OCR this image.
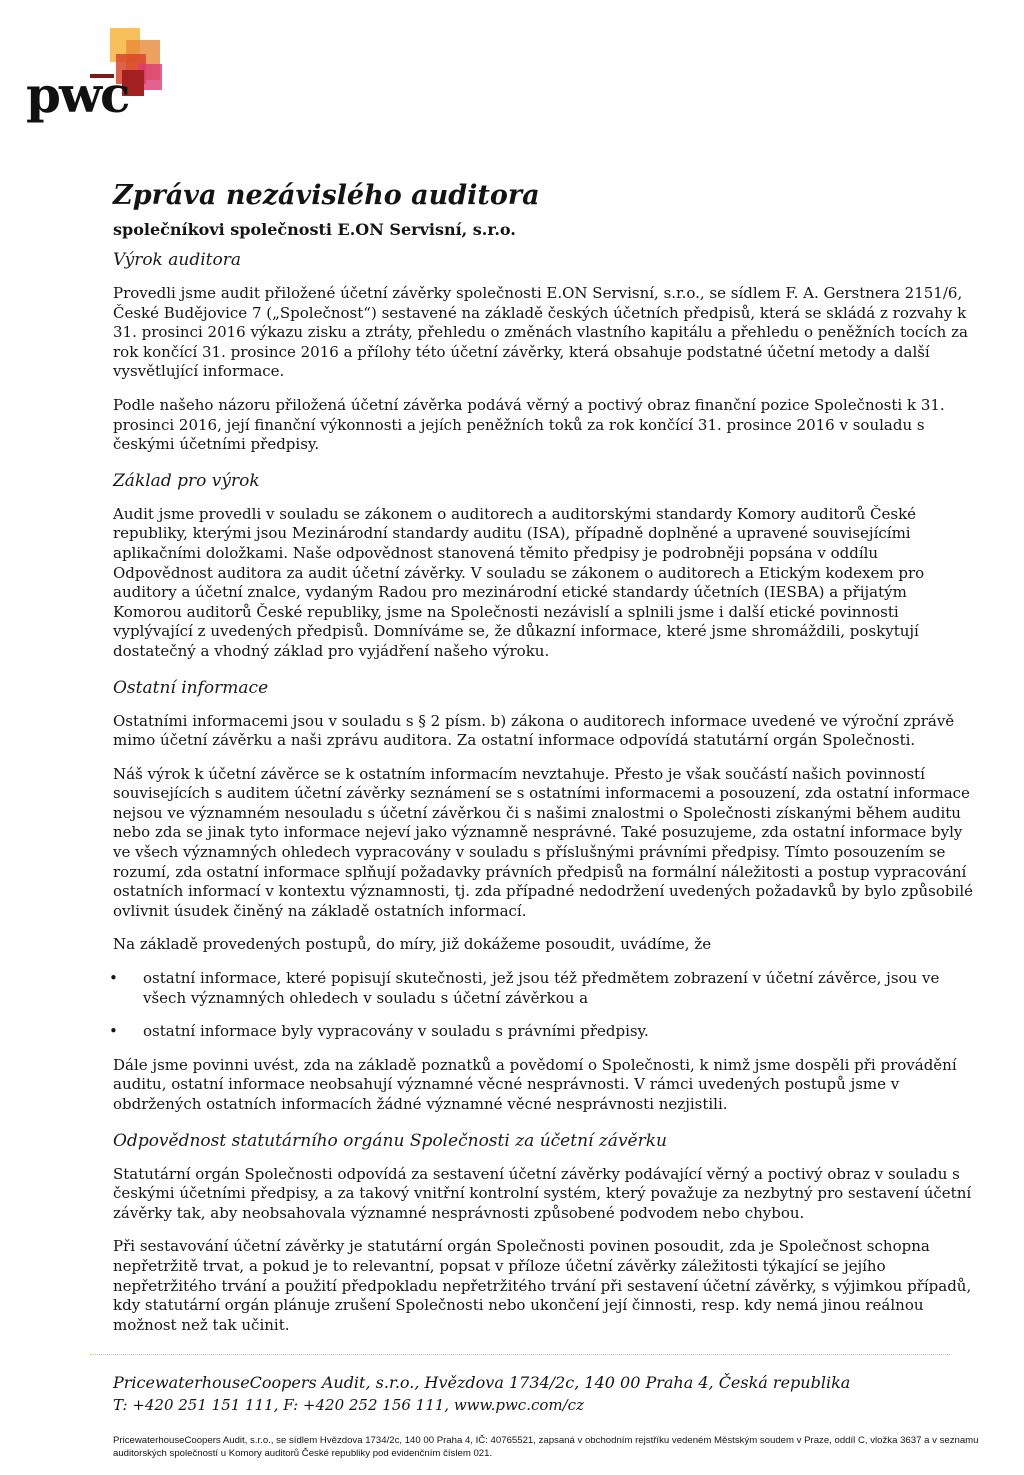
pwc
Zpráva nezávislého auditora
společníkovi společnosti E.ON Servisní, s.r.o.
Výrok auditora

Provedli jsme audit přiložené účetní závěrky společnosti E.ON Servisní, s.r.o., se sídlem F. A. Gerstnera 2151/6, České Budějovice 7 („Společnost“) sestavené na základě českých účetních předpisů, která se skládá z rozvahy k 31. prosinci 2016 výkazu zisku a ztráty, přehledu o změnách vlastního kapitálu a přehledu o peněžních tocích za rok končící 31. prosince 2016 a přílohy této účetní závěrky, která obsahuje podstatné účetní metody a další vysvětlující informace.

Podle našeho názoru přiložená účetní závěrka podává věrný a poctivý obraz finanční pozice Společnosti k 31. prosinci 2016, její finanční výkonnosti a jejích peněžních toků za rok končící 31. prosince 2016 v souladu s českými účetními předpisy.

Základ pro výrok

Audit jsme provedli v souladu se zákonem o auditorech a auditorskými standardy Komory auditorů České republiky, kterými jsou Mezinárodní standardy auditu (ISA), případně doplněné a upravené souvisejícími aplikačními doložkami. Naše odpovědnost stanovená těmito předpisy je podrobněji popsána v oddílu Odpovědnost auditora za audit účetní závěrky. V souladu se zákonem o auditorech a Etickým kodexem pro auditory a účetní znalce, vydaným Radou pro mezinárodní etické standardy účetních (IESBA) a přijatým Komorou auditorů České republiky, jsme na Společnosti nezávislí a splnili jsme i další etické povinnosti vyplývající z uvedených předpisů. Domníváme se, že důkazní informace, které jsme shromáždili, poskytují dostatečný a vhodný základ pro vyjádření našeho výroku.

Ostatní informace

Ostatními informacemi jsou v souladu s § 2 písm. b) zákona o auditorech informace uvedené ve výroční zprávě mimo účetní závěrku a naši zprávu auditora. Za ostatní informace odpovídá statutární orgán Společnosti.

Náš výrok k účetní závěrce se k ostatním informacím nevztahuje. Přesto je však součástí našich povinností souvisejících s auditem účetní závěrky seznámení se s ostatními informacemi a posouzení, zda ostatní informace nejsou ve významném nesouladu s účetní závěrkou či s našimi znalostmi o Společnosti získanými během auditu nebo zda se jinak tyto informace nejeví jako významně nesprávné. Také posuzujeme, zda ostatní informace byly ve všech významných ohledech vypracovány v souladu s příslušnými právními předpisy. Tímto posouzením se rozumí, zda ostatní informace splňují požadavky právních předpisů na formální náležitosti a postup vypracování ostatních informací v kontextu významnosti, tj. zda případné nedodržení uvedených požadavků by bylo způsobilé ovlivnit úsudek činěný na základě ostatních informací.

Na základě provedených postupů, do míry, již dokážeme posoudit, uvádíme, že

• ostatní informace, které popisují skutečnosti, jež jsou též předmětem zobrazení v účetní závěrce, jsou ve všech významných ohledech v souladu s účetní závěrkou a
• ostatní informace byly vypracovány v souladu s právními předpisy.

Dále jsme povinni uvést, zda na základě poznatků a povědomí o Společnosti, k nimž jsme dospěli při provádění auditu, ostatní informace neobsahují významné věcné nesprávnosti. V rámci uvedených postupů jsme v obdržených ostatních informacích žádné významné věcné nesprávnosti nezjistili.

Odpovědnost statutárního orgánu Společnosti za účetní závěrku

Statutární orgán Společnosti odpovídá za sestavení účetní závěrky podávající věrný a poctivý obraz v souladu s českými účetními předpisy, a za takový vnitřní kontrolní systém, který považuje za nezbytný pro sestavení účetní závěrky tak, aby neobsahovala významné nesprávnosti způsobené podvodem nebo chybou.

Při sestavování účetní závěrky je statutární orgán Společnosti povinen posoudit, zda je Společnost schopna nepřetržitě trvat, a pokud je to relevantní, popsat v příloze účetní závěrky záležitosti týkající se jejího nepřetržitého trvání a použití předpokladu nepřetržitého trvání při sestavení účetní závěrky, s výjimkou případů, kdy statutární orgán plánuje zrušení Společnosti nebo ukončení její činnosti, resp. kdy nemá jinou reálnou možnost než tak učinit.

PricewaterhouseCoopers Audit, s.r.o., Hvězdova 1734/2c, 140 00 Praha 4, Česká republika

T: +420 251 151 111, F: +420 252 156 111, www.pwc.com/cz

PricewaterhouseCoopers Audit, s.r.o., se sídlem Hvězdova 1734/2c, 140 00 Praha 4, IČ: 40765521, zapsaná v obchodním rejstříku vedeném Městským soudem v Praze, oddíl C, vložka 3637 a v seznamu auditorských společností u Komory auditorů České republiky pod evidenčním číslem 021.
